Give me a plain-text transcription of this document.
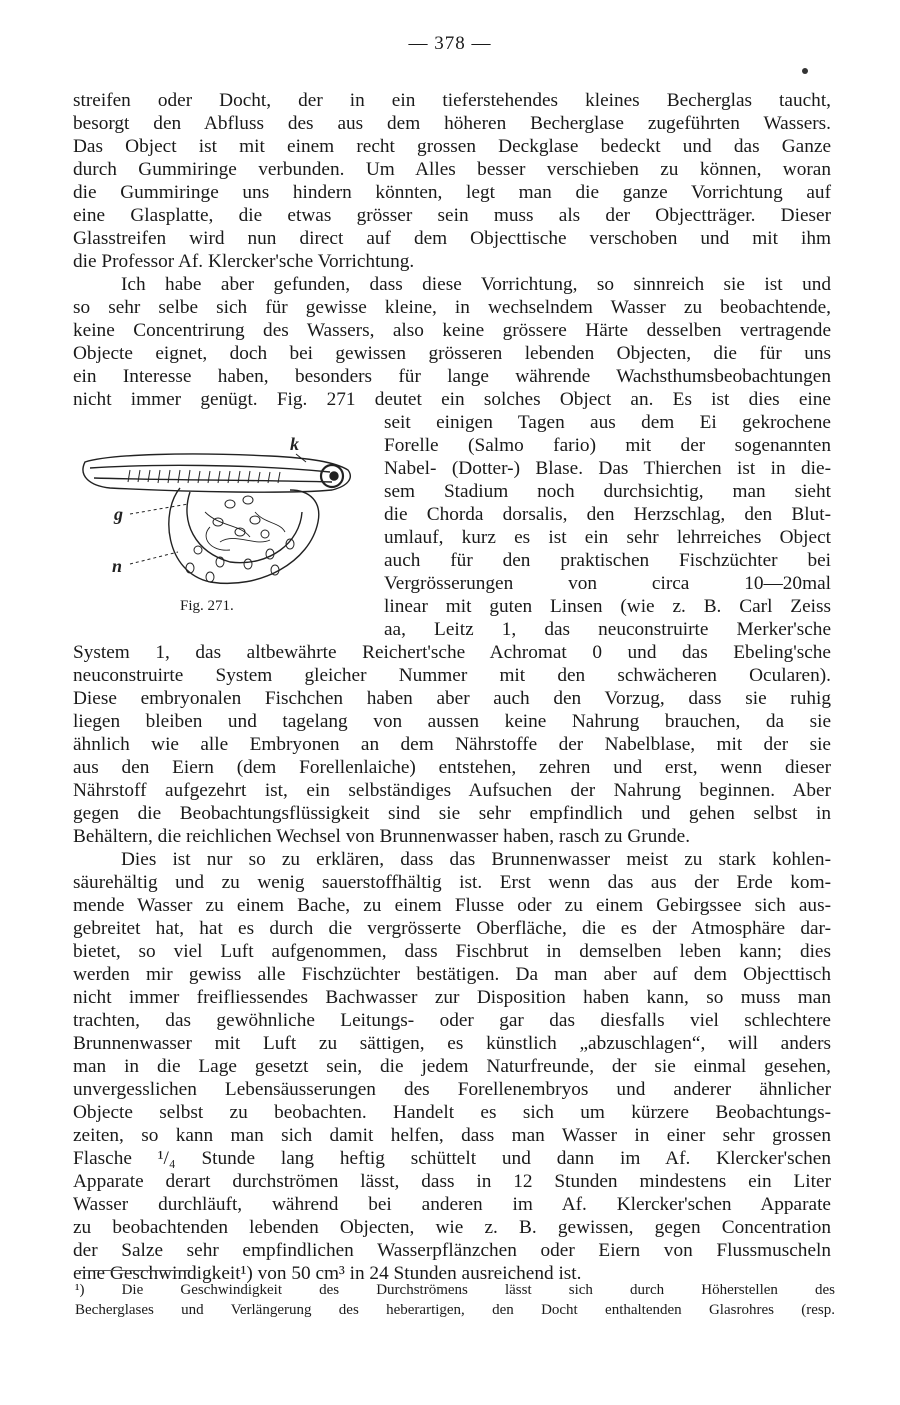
— 378 —
streifen oder Docht, der in ein tieferstehendes kleines Becherglas taucht,
besorgt den Abfluss des aus dem höheren Becherglase zugeführten Wassers.
Das Object ist mit einem recht grossen Deckglase bedeckt und das Ganze
durch Gummiringe verbunden. Um Alles besser verschieben zu können, woran
die Gummiringe uns hindern könnten, legt man die ganze Vorrichtung auf
eine Glasplatte, die etwas grösser sein muss als der Objectträger. Dieser
Glasstreifen wird nun direct auf dem Objecttische verschoben und mit ihm
die Professor Af. Klercker'sche Vorrichtung.
Ich habe aber gefunden, dass diese Vorrichtung, so sinnreich sie ist und
so sehr selbe sich für gewisse kleine, in wechselndem Wasser zu beobachtende,
keine Concentrirung des Wassers, also keine grössere Härte desselben vertragende
Objecte eignet, doch bei gewissen grösseren lebenden Objecten, die für uns
ein Interesse haben, besonders für lange währende Wachsthumsbeobachtungen
nicht immer genügt. Fig. 271 deutet ein solches Object an. Es ist dies eine
seit einigen Tagen aus dem Ei gekrochene
Forelle (Salmo fario) mit der sogenannten
Nabel- (Dotter-) Blase. Das Thierchen ist in die-
sem Stadium noch durchsichtig, man sieht
die Chorda dorsalis, den Herzschlag, den Blut-
umlauf, kurz es ist ein sehr lehrreiches Object
auch für den praktischen Fischzüchter bei
Vergrösserungen von circa 10—20mal
linear mit guten Linsen (wie z. B. Carl Zeiss
aa, Leitz 1, das neuconstruirte Merker'sche
System 1, das altbewährte Reichert'sche Achromat 0 und das Ebeling'sche
neuconstruirte System gleicher Nummer mit den schwächeren Ocularen).
Diese embryonalen Fischchen haben aber auch den Vorzug, dass sie ruhig
liegen bleiben und tagelang von aussen keine Nahrung brauchen, da sie
ähnlich wie alle Embryonen an dem Nährstoffe der Nabelblase, mit der sie
aus den Eiern (dem Forellenlaiche) entstehen, zehren und erst, wenn dieser
Nährstoff aufgezehrt ist, ein selbständiges Aufsuchen der Nahrung beginnen. Aber
gegen die Beobachtungsflüssigkeit sind sie sehr empfindlich und gehen selbst in
Behältern, die reichlichen Wechsel von Brunnenwasser haben, rasch zu Grunde.
Dies ist nur so zu erklären, dass das Brunnenwasser meist zu stark kohlen-
säurehältig und zu wenig sauerstoffhältig ist. Erst wenn das aus der Erde kom-
mende Wasser zu einem Bache, zu einem Flusse oder zu einem Gebirgssee sich aus-
gebreitet hat, hat es durch die vergrösserte Oberfläche, die es der Atmosphäre dar-
bietet, so viel Luft aufgenommen, dass Fischbrut in demselben leben kann; dies
werden mir gewiss alle Fischzüchter bestätigen. Da man aber auf dem Objecttisch
nicht immer freifliessendes Bachwasser zur Disposition haben kann, so muss man
trachten, das gewöhnliche Leitungs- oder gar das diesfalls viel schlechtere
Brunnenwasser mit Luft zu sättigen, es künstlich „abzuschlagen“, will anders
man in die Lage gesetzt sein, die jedem Naturfreunde, der sie einmal gesehen,
unvergesslichen Lebensäusserungen des Forellenembryos und anderer ähnlicher
Objecte selbst zu beobachten. Handelt es sich um kürzere Beobachtungs-
zeiten, so kann man sich damit helfen, dass man Wasser in einer sehr grossen
Flasche ¹/₄ Stunde lang heftig schüttelt und dann im Af. Klercker'schen
Apparate derart durchströmen lässt, dass in 12 Stunden mindestens ein Liter
Wasser durchläuft, während bei anderen im Af. Klercker'schen Apparate
zu beobachtenden lebenden Objecten, wie z. B. gewissen, gegen Concentration
der Salze sehr empfindlichen Wasserpflänzchen oder Eiern von Flussmuscheln
eine Geschwindigkeit¹) von 50 cm³ in 24 Stunden ausreichend ist.
k
g
n
Fig. 271.
¹) Die Geschwindigkeit des Durchströmens lässt sich durch Höherstellen des
Becherglases und Verlängerung des heberartigen, den Docht enthaltenden Glasrohres (resp.
